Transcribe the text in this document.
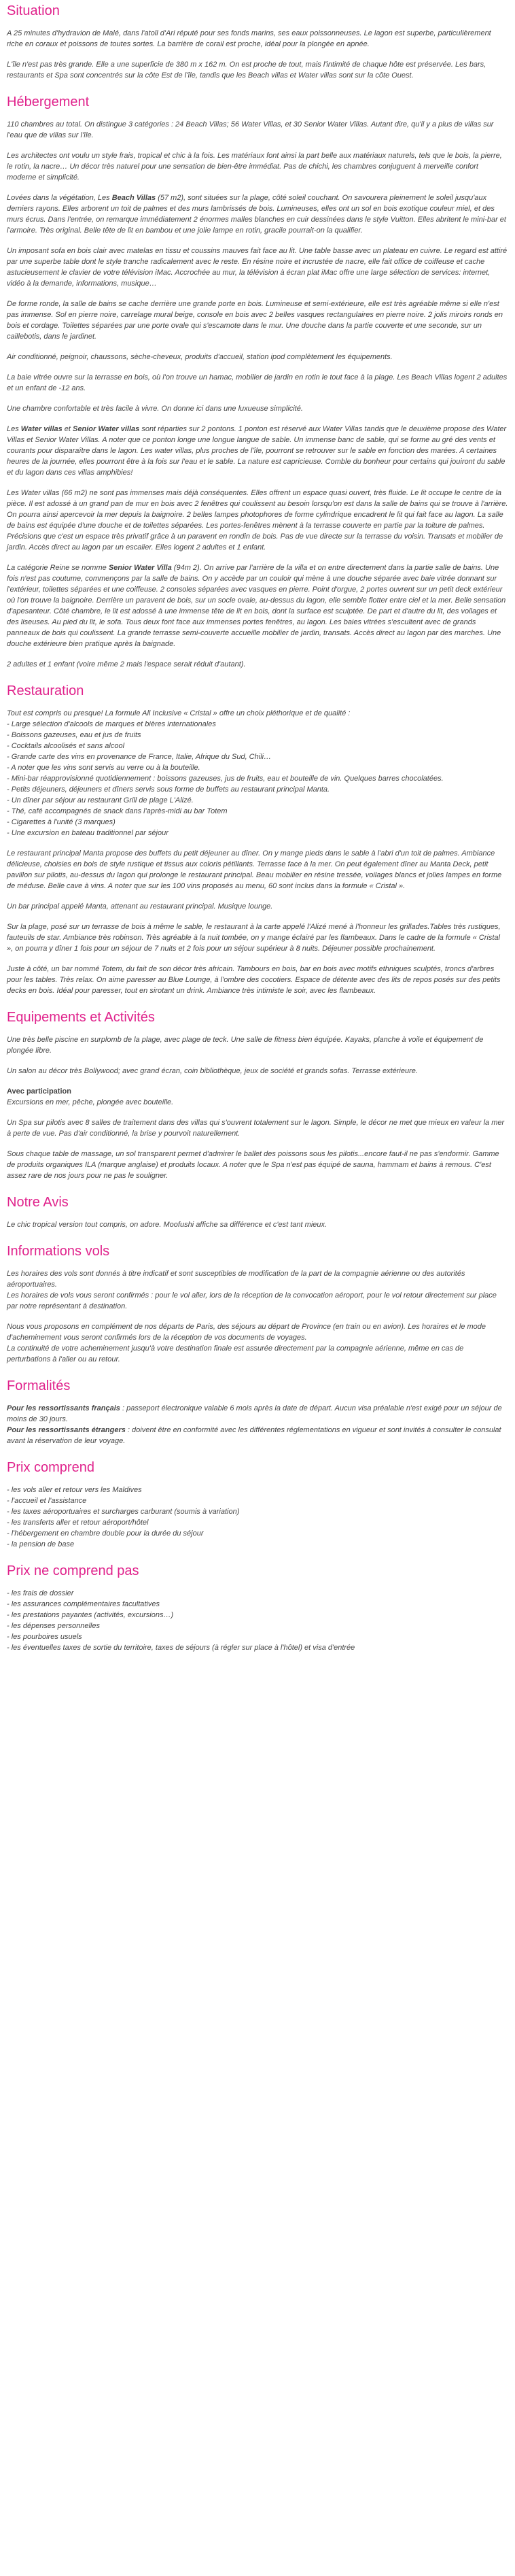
Situation

A 25 minutes d'hydravion de Malé, dans l'atoll d'Ari réputé pour ses fonds marins, ses eaux poissonneuses. Le lagon est superbe, particulièrement riche en coraux et poissons de toutes sortes. La barrière de corail est proche, idéal pour la plongée en apnée.

L'île n'est pas très grande. Elle a une superficie de 380 m x 162 m. On est proche de tout, mais l'intimité de chaque hôte est préservée. Les bars, restaurants et Spa sont concentrés sur la côte Est de l'île, tandis que les Beach villas et Water villas sont sur la côte Ouest.

Hébergement

110 chambres au total. On distingue 3 catégories : 24 Beach Villas; 56 Water Villas, et 30 Senior Water Villas. Autant dire, qu'il y a plus de villas sur l'eau que de villas sur l'île.

Les architectes ont voulu un style frais, tropical et chic à la fois. Les matériaux font ainsi la part belle aux matériaux naturels, tels que le bois, la pierre, le rotin, la nacre… Un décor très naturel pour une sensation de bien-être immédiat. Pas de chichi, les chambres conjuguent à merveille confort moderne et simplicité.

Lovées dans la végétation, Les Beach Villas (57 m2), sont situées sur la plage, côté soleil couchant. On savourera pleinement le soleil jusqu'aux derniers rayons. Elles arborent un toit de palmes et des murs lambrissés de bois. Lumineuses, elles ont un sol en bois exotique couleur miel, et des murs écrus. Dans l'entrée, on remarque immédiatement 2 énormes malles blanches en cuir dessinées dans le style Vuitton. Elles abritent le mini-bar et l'armoire. Très original. Belle tête de lit en bambou et une jolie lampe en rotin, gracile pourrait-on la qualifier.

Un imposant sofa en bois clair avec matelas en tissu et coussins mauves fait face au lit. Une table basse avec un plateau en cuivre. Le regard est attiré par une superbe table dont le style tranche radicalement avec le reste. En résine noire et incrustée de nacre, elle fait office de coiffeuse et cache astucieusement le clavier de votre télévision iMac. Accrochée au mur, la télévision à écran plat iMac offre une large sélection de services: internet, vidéo à la demande, informations, musique…

De forme ronde, la salle de bains se cache derrière une grande porte en bois. Lumineuse et semi-extérieure, elle est très agréable même si elle n'est pas immense. Sol en pierre noire, carrelage mural beige, console en bois avec 2 belles vasques rectangulaires en pierre noire. 2 jolis miroirs ronds en bois et cordage. Toilettes séparées par une porte ovale qui s'escamote dans le mur. Une douche dans la partie couverte et une seconde, sur un caillebotis, dans le jardinet.

Air conditionné, peignoir, chaussons, sèche-cheveux, produits d'accueil, station ipod complètement les équipements.

La baie vitrée ouvre sur la terrasse en bois, où l'on trouve un hamac, mobilier de jardin en rotin le tout face à la plage. Les Beach Villas logent 2 adultes et un enfant de -12 ans.

Une chambre confortable et très facile à vivre. On donne ici dans une luxueuse simplicité.

Les Water villas et Senior Water villas sont réparties sur 2 pontons. 1 ponton est réservé aux Water Villas tandis que le deuxième propose des Water Villas et Senior Water Villas. A noter que ce ponton longe une longue langue de sable. Un immense banc de sable, qui se forme au gré des vents et courants pour disparaître dans le lagon. Les water villas, plus proches de l'île, pourront se retrouver sur le sable en fonction des marées. A certaines heures de la journée, elles pourront être à la fois sur l'eau et le sable. La nature est capricieuse. Comble du bonheur pour certains qui jouiront du sable et du lagon dans ces villas amphibies!

Les Water villas (66 m2) ne sont pas immenses mais déjà conséquentes. Elles offrent un espace quasi ouvert, très fluide. Le lit occupe le centre de la pièce. Il est adossé à un grand pan de mur en bois avec 2 fenêtres qui coulissent au besoin lorsqu'on est dans la salle de bains qui se trouve à l'arrière. On pourra ainsi apercevoir la mer depuis la baignoire. 2 belles lampes photophores de forme cylindrique encadrent le lit qui fait face au lagon. La salle de bains est équipée d'une douche et de toilettes séparées. Les portes-fenêtres mènent à la terrasse couverte en partie par la toiture de palmes. Précisions que c'est un espace très privatif grâce à un paravent en rondin de bois. Pas de vue directe sur la terrasse du voisin. Transats et mobilier de jardin. Accès direct au lagon par un escalier. Elles logent 2 adultes et 1 enfant.

La catégorie Reine se nomme Senior Water Villa (94m 2). On arrive par l'arrière de la villa et on entre directement dans la partie salle de bains. Une fois n'est pas coutume, commençons par la salle de bains. On y accède par un couloir qui mène à une douche séparée avec baie vitrée donnant sur l'extérieur, toilettes séparées et une coiffeuse. 2 consoles séparées avec vasques en pierre. Point d'orgue, 2 portes ouvrent sur un petit deck extérieur où l'on trouve la baignoire. Derrière un paravent de bois, sur un socle ovale, au-dessus du lagon, elle semble flotter entre ciel et la mer. Belle sensation d'apesanteur. Côté chambre, le lit est adossé à une immense tête de lit en bois, dont la surface est sculptée. De part et d'autre du lit, des voilages et des liseuses. Au pied du lit, le sofa. Tous deux font face aux immenses portes fenêtres, au lagon. Les baies vitrées s'escultent avec de grands panneaux de bois qui coulissent. La grande terrasse semi-couverte accueille mobilier de jardin, transats. Accès direct au lagon par des marches. Une douche extérieure bien pratique après la baignade.

2 adultes et 1 enfant (voire même 2 mais l'espace serait réduit d'autant).

Restauration

Tout est compris ou presque! La formule All Inclusive « Cristal » offre un choix pléthorique et de qualité :

- Large sélection d'alcools de marques et bières internationales
- Boissons gazeuses, eau et jus de fruits
- Cocktails alcoolisés et sans alcool
- Grande carte des vins en provenance de France, Italie, Afrique du Sud, Chili…
- A noter que les vins sont servis au verre ou à la bouteille.
- Mini-bar réapprovisionné quotidiennement : boissons gazeuses, jus de fruits, eau et bouteille de vin. Quelques barres chocolatées.
- Petits déjeuners, déjeuners et dîners servis sous forme de buffets au restaurant principal Manta.
- Un dîner par séjour au restaurant Grill de plage L'Alizé.
- Thé, café accompagnés de snack dans l'après-midi au bar Totem
- Cigarettes à l'unité (3 marques)
- Une excursion en bateau traditionnel par séjour

Le restaurant principal Manta propose des buffets du petit déjeuner au dîner. On y mange pieds dans le sable à l'abri d'un toit de palmes. Ambiance délicieuse, choisies en bois de style rustique et tissus aux coloris pétillants. Terrasse face à la mer. On peut également dîner au Manta Deck, petit pavillon sur pilotis, au-dessus du lagon qui prolonge le restaurant principal. Beau mobilier en résine tressée, voilages blancs et jolies lampes en forme de méduse. Belle cave à vins. A noter que sur les 100 vins proposés au menu, 60 sont inclus dans la formule « Cristal ».

Un bar principal appelé Manta, attenant au restaurant principal. Musique lounge.

Sur la plage, posé sur un terrasse de bois à même le sable, le restaurant à la carte appelé l'Alizé mené à l'honneur les grillades.Tables très rustiques, fauteuils de star. Ambiance très robinson. Très agréable à la nuit tombée, on y mange éclairé par les flambeaux. Dans le cadre de la formule « Cristal », on pourra y dîner 1 fois pour un séjour de 7 nuits et 2 fois pour un séjour supérieur à 8 nuits. Déjeuner possible prochainement.

Juste à côté, un bar nommé Totem, du fait de son décor très africain. Tambours en bois, bar en bois avec motifs ethniques sculptés, troncs d'arbres pour les tables. Très relax. On aime paresser au Blue Lounge, à l'ombre des cocotiers. Espace de détente avec des lits de repos posés sur des petits decks en bois. Idéal pour paresser, tout en sirotant un drink. Ambiance très intimiste le soir, avec les flambeaux.

Equipements et Activités

Une très belle piscine en surplomb de la plage, avec plage de teck. Une salle de fitness bien équipée. Kayaks, planche à voile et équipement de plongée libre.

Un salon au décor très Bollywood; avec grand écran, coin bibliothèque, jeux de société et grands sofas. Terrasse extérieure.

Avec participation
Excursions en mer, pêche, plongée avec bouteille.

Un Spa sur pilotis avec 8 salles de traitement dans des villas qui s'ouvrent totalement sur le lagon. Simple, le décor ne met que mieux en valeur la mer à perte de vue. Pas d'air conditionné, la brise y pourvoit naturellement.

Sous chaque table de massage, un sol transparent permet d'admirer le ballet des poissons sous les pilotis...encore faut-il ne pas s'endormir. Gamme de produits organiques ILA (marque anglaise) et produits locaux. A noter que le Spa n'est pas équipé de sauna, hammam et bains à remous. C'est assez rare de nos jours pour ne pas le souligner.

Notre Avis

Le chic tropical version tout compris, on adore. Moofushi affiche sa différence et c'est tant mieux.

Informations vols

Les horaires des vols sont donnés à titre indicatif et sont susceptibles de modification de la part de la compagnie aérienne ou des autorités aéroportuaires.
Les horaires de vols vous seront confirmés : pour le vol aller, lors de la réception de la convocation aéroport, pour le vol retour directement sur place par notre représentant à destination.

Nous vous proposons en complément de nos départs de Paris, des séjours au départ de Province (en train ou en avion). Les horaires et le mode d'acheminement vous seront confirmés lors de la réception de vos documents de voyages.
La continuité de votre acheminement jusqu'à votre destination finale est assurée directement par la compagnie aérienne, même en cas de perturbations à l'aller ou au retour.

Formalités

Pour les ressortissants français : passeport électronique valable 6 mois après la date de départ. Aucun visa préalable n'est exigé pour un séjour de moins de 30 jours.
Pour les ressortissants étrangers : doivent être en conformité avec les différentes réglementations en vigueur et sont invités à consulter le consulat avant la réservation de leur voyage.

Prix comprend
- les vols aller et retour vers les Maldives
- l'accueil et l'assistance
- les taxes aéroportuaires et surcharges carburant (soumis à variation)
- les transferts aller et retour aéroport/hôtel
- l'hébergement en chambre double pour la durée du séjour
- la pension de base
Prix ne comprend pas
- les frais de dossier
- les assurances complémentaires facultatives
- les prestations payantes (activités, excursions…)
- les dépenses personnelles
- les pourboires usuels
- les éventuelles taxes de sortie du territoire, taxes de séjours (à régler sur place à l'hôtel) et visa d'entrée
